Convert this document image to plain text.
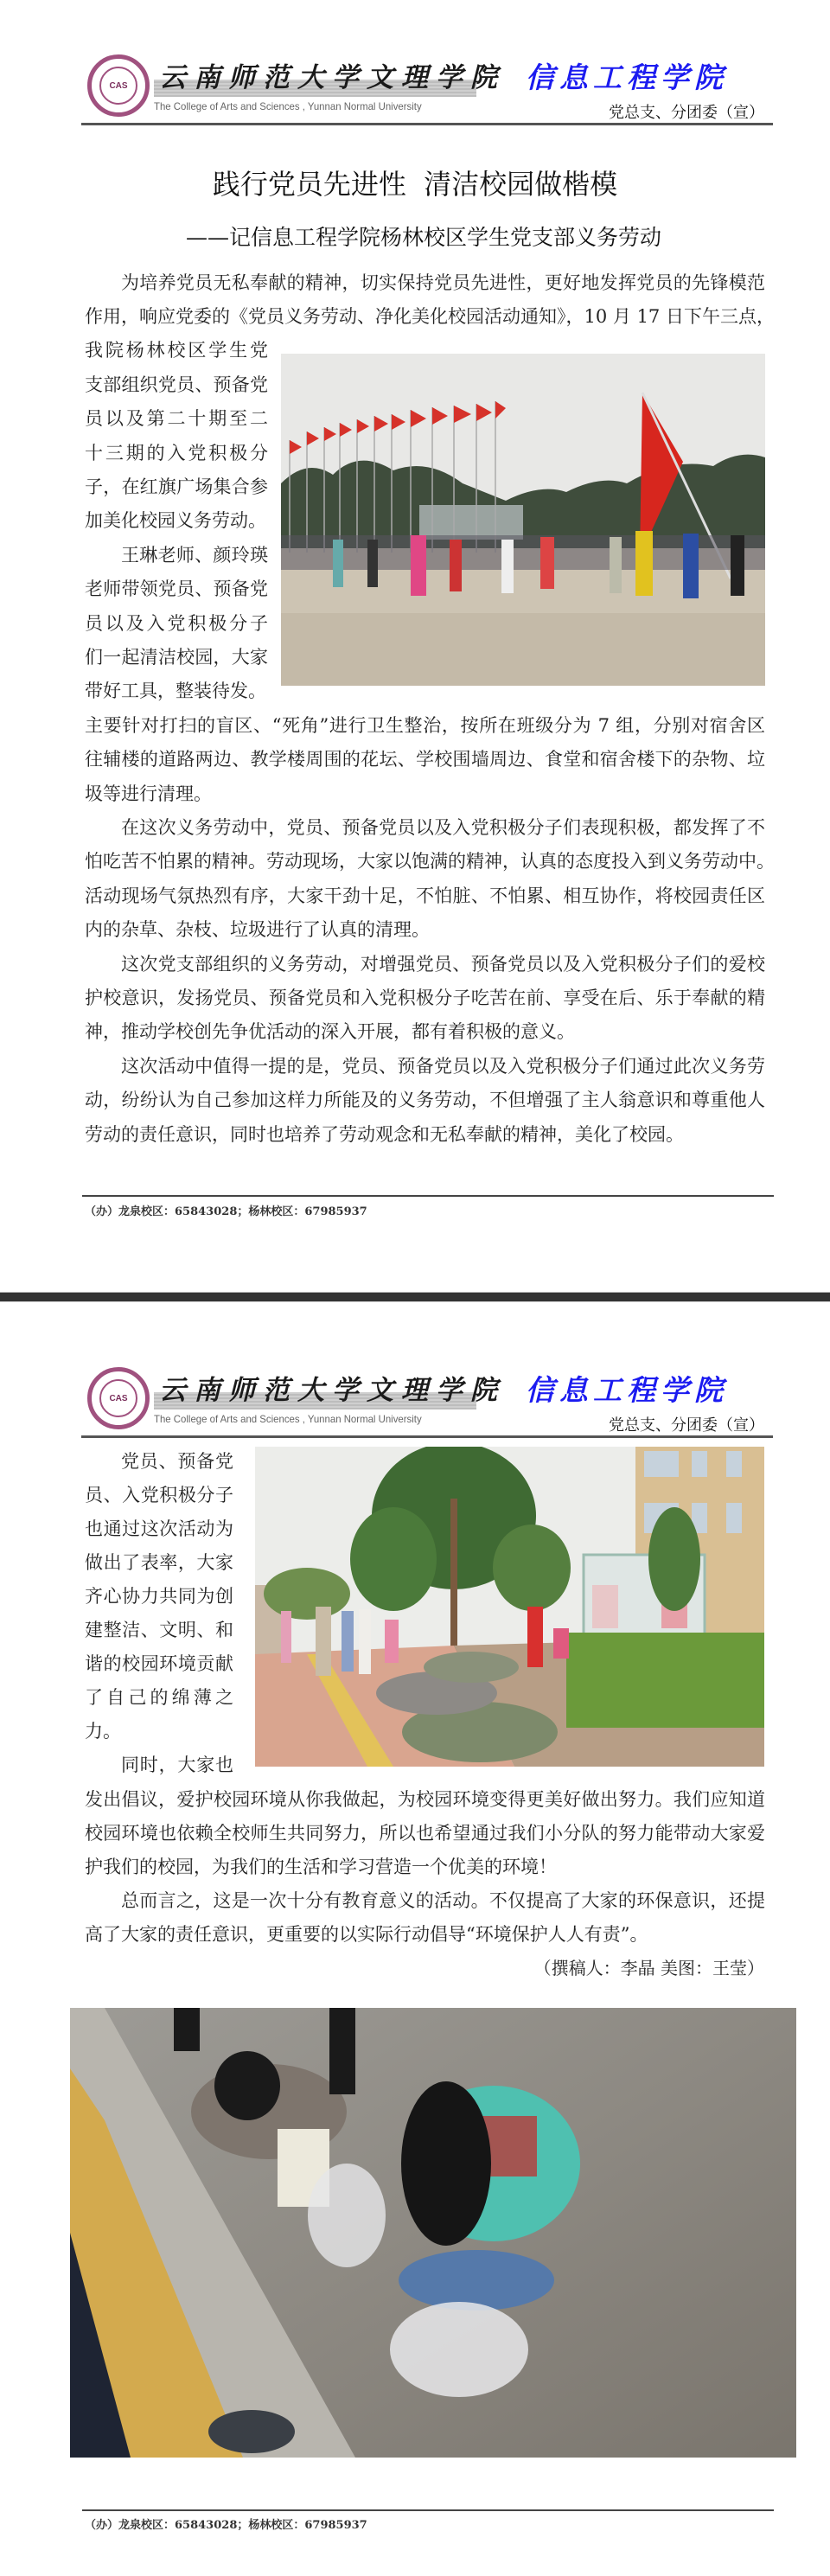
CAS	云南师范大学文理学院
The College of Arts and Sciences , Yunnan Normal University
信息工程学院
党总支、分团委（宣）
践行党员先进性  清洁校园做楷模
——记信息工程学院杨林校区学生党支部义务劳动
为培养党员无私奉献的精神，切实保持党员先进性，更好地发挥党员的先锋模范
作用，响应党委的《党员义务劳动、净化美化校园活动通知》，10 月 17 日下午三点，
我院杨林校区学生党
支部组织党员、预备党
员以及第二十期至二
十三期的入党积极分
子，在红旗广场集合参
加美化校园义务劳动。
王琳老师、颜玲瑛
老师带领党员、预备党
员以及入党积极分子
们一起清洁校园，大家
带好工具，整装待发。
主要针对打扫的盲区、“死角”进行卫生整治，按所在班级分为 7 组，分别对宿舍区
往辅楼的道路两边、教学楼周围的花坛、学校围墙周边、食堂和宿舍楼下的杂物、垃
圾等进行清理。
在这次义务劳动中，党员、预备党员以及入党积极分子们表现积极，都发挥了不
怕吃苦不怕累的精神。劳动现场，大家以饱满的精神，认真的态度投入到义务劳动中。
活动现场气氛热烈有序，大家干劲十足，不怕脏、不怕累、相互协作，将校园责任区
内的杂草、杂枝、垃圾进行了认真的清理。
这次党支部组织的义务劳动，对增强党员、预备党员以及入党积极分子们的爱校
护校意识，发扬党员、预备党员和入党积极分子吃苦在前、享受在后、乐于奉献的精
神，推动学校创先争优活动的深入开展，都有着积极的意义。
这次活动中值得一提的是，党员、预备党员以及入党积极分子们通过此次义务劳
动，纷纷认为自己参加这样力所能及的义务劳动，不但增强了主人翁意识和尊重他人
劳动的责任意识，同时也培养了劳动观念和无私奉献的精神，美化了校园。
（办）龙泉校区：65843028；杨林校区：67985937
CAS	云南师范大学文理学院
The College of Arts and Sciences , Yunnan Normal University
信息工程学院
党总支、分团委（宣）
党员、预备党
员、入党积极分子
也通过这次活动为
做出了表率，大家
齐心协力共同为创
建整洁、文明、和
谐的校园环境贡献
了自己的绵薄之
力。
同时，大家也
发出倡议，爱护校园环境从你我做起，为校园环境变得更美好做出努力。我们应知道
校园环境也依赖全校师生共同努力，所以也希望通过我们小分队的努力能带动大家爱
护我们的校园，为我们的生活和学习营造一个优美的环境！
总而言之，这是一次十分有教育意义的活动。不仅提高了大家的环保意识，还提
高了大家的责任意识，更重要的以实际行动倡导“环境保护人人有责”。
（撰稿人：李晶 美图：王莹）
（办）龙泉校区：65843028；杨林校区：67985937
